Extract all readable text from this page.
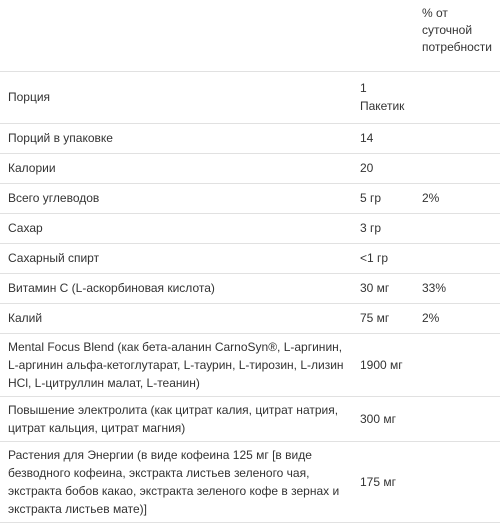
		% от суточной потребности
Порция	1 Пакетик	
Порций в упаковке	14	
Калории	20	
Всего углеводов	5 гр	2%
Сахар	3 гр	
Сахарный спирт	<1 гр	
Витамин С (L-аскорбиновая кислота)	30 мг	33%
Калий	75 мг	2%
Mental Focus Blend (как бета-аланин CarnoSyn®, L-аргинин, L-аргинин альфа-кетоглутарат, L-таурин, L-тирозин, L-лизин HCl, L-цитруллин малат, L-теанин)	1900 мг	
Повышение электролита (как цитрат калия, цитрат натрия, цитрат кальция, цитрат магния)	300 мг	
Растения для Энергии (в виде кофеина 125 мг [в виде безводного кофеина, экстракта листьев зеленого чая, экстракта бобов какао, экстракта зеленого кофе в зернах и экстракта листьев мате)]	175 мг	
